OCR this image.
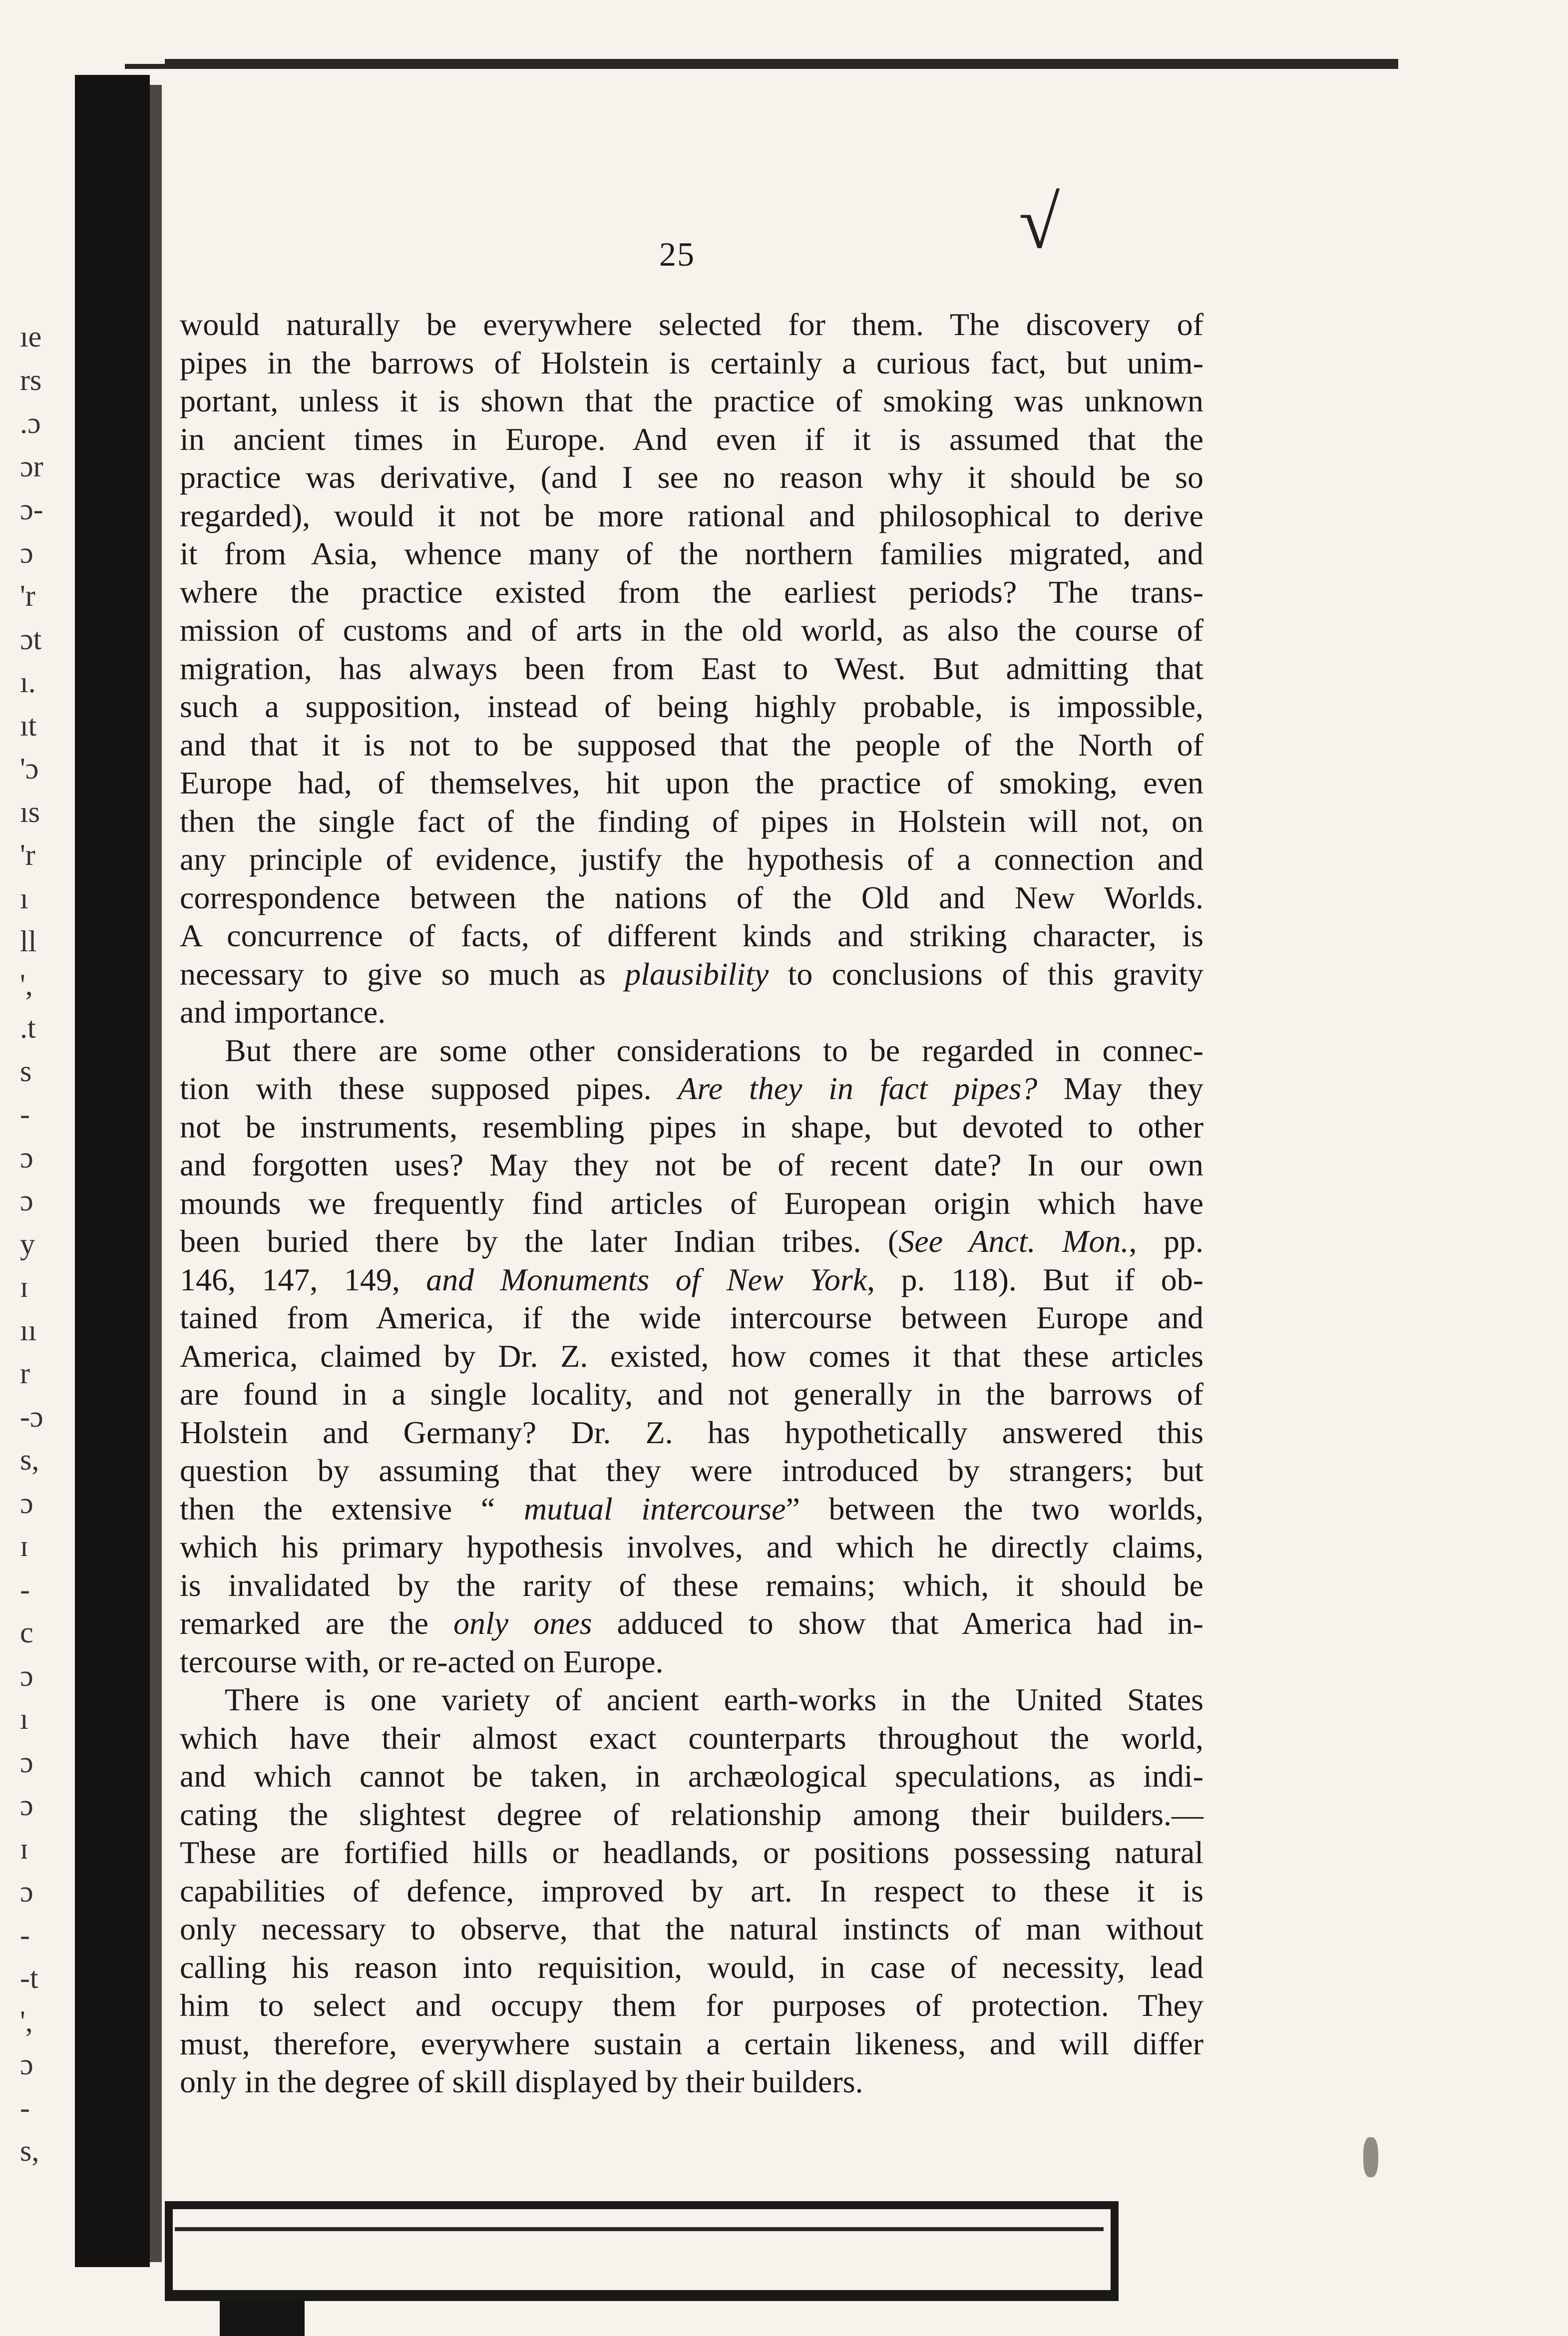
ıe
rs
.ɔ
ɔr
ɔ-
ɔ
'r
ɔt
ı.
ıt
'ɔ
ıs
'r
ı
ll
',
.t
s
-
ɔ
ɔ
y
ɪ
ıı
r
-ɔ
s,
ɔ
ɪ
-
c
ɔ
ı
ɔ
ɔ
ɪ
ɔ
-
-t
',
ɔ
-
s,
√
25
would naturally be everywhere selected for them. The discovery of
pipes in the barrows of Holstein is certainly a curious fact, but unim-
portant, unless it is shown that the practice of smoking was unknown
in ancient times in Europe. And even if it is assumed that the
practice was derivative, (and I see no reason why it should be so
regarded), would it not be more rational and philosophical to derive
it from Asia, whence many of the northern families migrated, and
where the practice existed from the earliest periods? The trans-
mission of customs and of arts in the old world, as also the course of
migration, has always been from East to West. But admitting that
such a supposition, instead of being highly probable, is impossible,
and that it is not to be supposed that the people of the North of
Europe had, of themselves, hit upon the practice of smoking, even
then the single fact of the finding of pipes in Holstein will not, on
any principle of evidence, justify the hypothesis of a connection and
correspondence between the nations of the Old and New Worlds.
A concurrence of facts, of different kinds and striking character, is
necessary to give so much as plausibility to conclusions of this gravity
and importance.
But there are some other considerations to be regarded in connec-
tion with these supposed pipes. Are they in fact pipes? May they
not be instruments, resembling pipes in shape, but devoted to other
and forgotten uses? May they not be of recent date? In our own
mounds we frequently find articles of European origin which have
been buried there by the later Indian tribes. (See Anct. Mon., pp.
146, 147, 149, and Monuments of New York, p. 118). But if ob-
tained from America, if the wide intercourse between Europe and
America, claimed by Dr. Z. existed, how comes it that these articles
are found in a single locality, and not generally in the barrows of
Holstein and Germany? Dr. Z. has hypothetically answered this
question by assuming that they were introduced by strangers; but
then the extensive “ mutual intercourse” between the two worlds,
which his primary hypothesis involves, and which he directly claims,
is invalidated by the rarity of these remains; which, it should be
remarked are the only ones adduced to show that America had in-
tercourse with, or re-acted on Europe.
There is one variety of ancient earth-works in the United States
which have their almost exact counterparts throughout the world,
and which cannot be taken, in archæological speculations, as indi-
cating the slightest degree of relationship among their builders.—
These are fortified hills or headlands, or positions possessing natural
capabilities of defence, improved by art. In respect to these it is
only necessary to observe, that the natural instincts of man without
calling his reason into requisition, would, in case of necessity, lead
him to select and occupy them for purposes of protection. They
must, therefore, everywhere sustain a certain likeness, and will differ
only in the degree of skill displayed by their builders.
